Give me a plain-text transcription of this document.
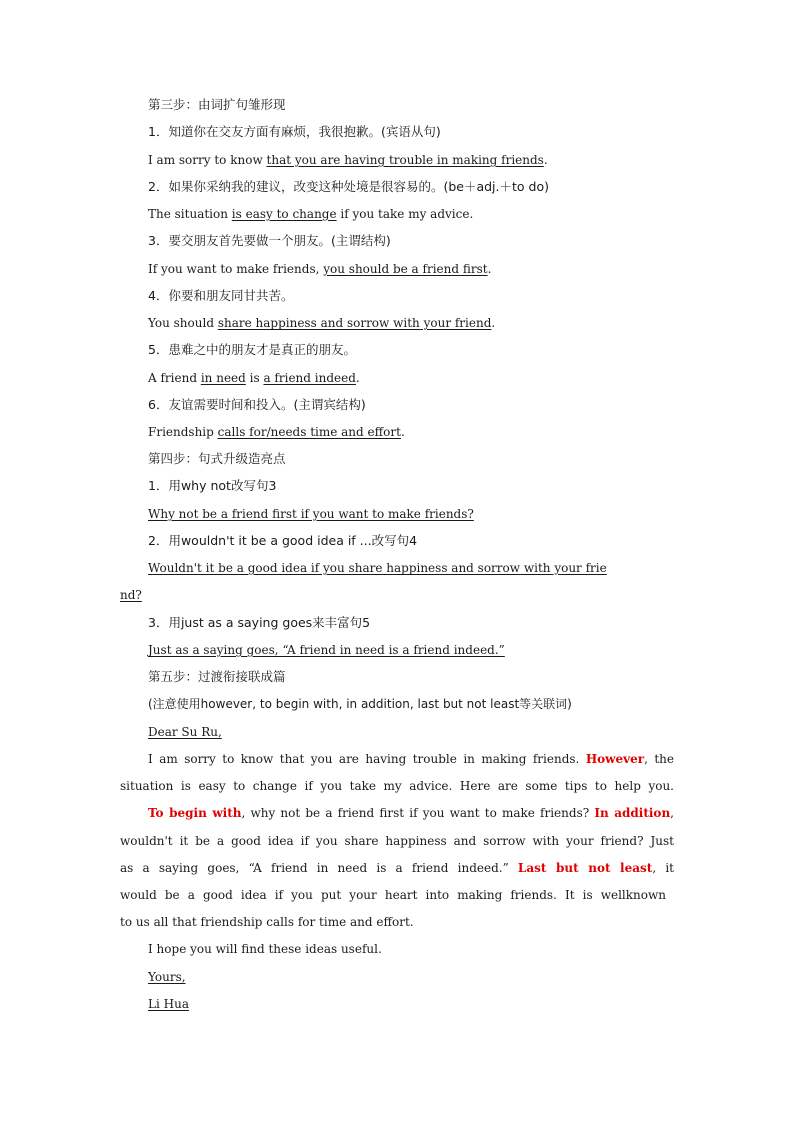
第三步：由词扩句雏形现
1．知道你在交友方面有麻烦，我很抱歉。(宾语从句)
I am sorry to know that you are having trouble in making friends.
2．如果你采纳我的建议，改变这种处境是很容易的。(be＋adj.＋to do)
The situation is easy to change if you take my advice.
3．要交朋友首先要做一个朋友。(主谓结构)
If you want to make friends, you should be a friend first.
4．你要和朋友同甘共苦。
You should share happiness and sorrow with your friend.
5．患难之中的朋友才是真正的朋友。
A friend in need is a friend indeed.
6．友谊需要时间和投入。(主谓宾结构)
Friendship calls for/needs time and effort.
第四步：句式升级造亮点
1．用why not改写句3
Why not be a friend first if you want to make friends?
2．用wouldn't it be a good idea if ...改写句4
Wouldn't it be a good idea if you share happiness and sorrow with your frie
nd?
3．用just as a saying goes来丰富句5
Just as a saying goes, “A friend in need is a friend indeed.”
第五步：过渡衔接联成篇
(注意使用however, to begin with, in addition, last but not least等关联词)
Dear Su Ru,
I am sorry to know that you are having trouble in making friends. However, the
situation is easy to change if you take my advice. Here are some tips to help you.
To begin with, why not be a friend first if you want to make friends? In addition,
wouldn't it be a good idea if you share happiness and sorrow with your friend? Just
as a saying goes, “A friend in need is a friend indeed.” Last but not least, it
would be a good idea if you put your heart into making friends. It is wellknown
to us all that friendship calls for time and effort.
I hope you will find these ideas useful.
Yours,
Li Hua
